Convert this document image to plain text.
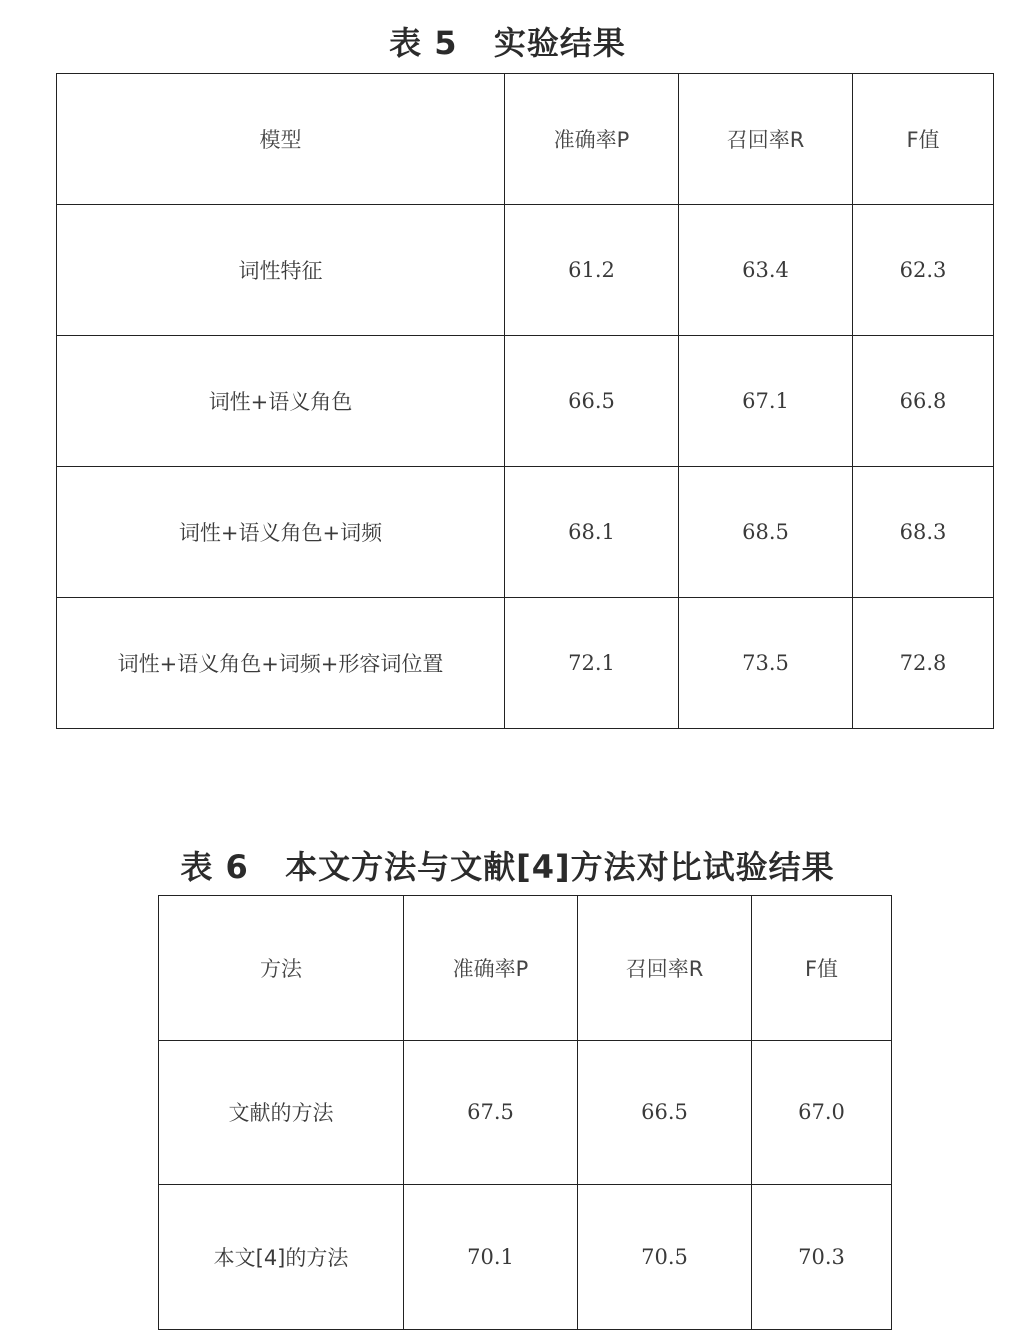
表 5   实验结果
模型	准确率P	召回率R	F值
词性特征	61.2	63.4	62.3
词性+语义角色	66.5	67.1	66.8
词性+语义角色+词频	68.1	68.5	68.3
词性+语义角色+词频+形容词位置	72.1	73.5	72.8
表 6   本文方法与文献[4]方法对比试验结果
方法	准确率P	召回率R	F值
文献的方法	67.5	66.5	67.0
本文[4]的方法	70.1	70.5	70.3
